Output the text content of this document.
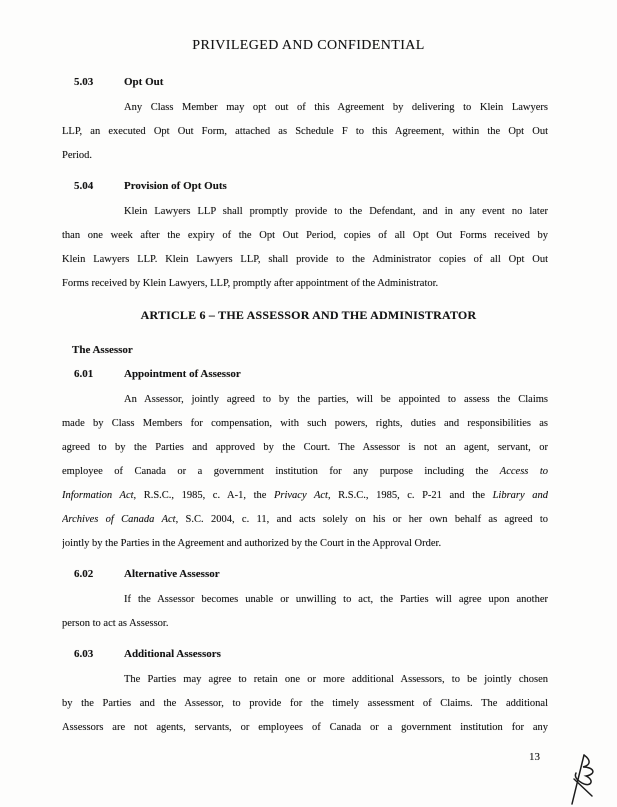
PRIVILEGED AND CONFIDENTIAL
5.03	Opt Out
Any Class Member may opt out of this Agreement by delivering to Klein Lawyers
LLP, an executed Opt Out Form, attached as Schedule F to this Agreement, within the Opt Out
Period.
5.04	Provision of Opt Outs
Klein Lawyers LLP shall promptly provide to the Defendant, and in any event no later
than one week after the expiry of the Opt Out Period, copies of all Opt Out Forms received by
Klein Lawyers LLP. Klein Lawyers LLP, shall provide to the Administrator copies of all Opt Out
Forms received by Klein Lawyers, LLP, promptly after appointment of the Administrator.
ARTICLE 6 – THE ASSESSOR AND THE ADMINISTRATOR
The Assessor
6.01	Appointment of Assessor
An Assessor, jointly agreed to by the parties, will be appointed to assess the Claims
made by Class Members for compensation, with such powers, rights, duties and responsibilities as
agreed to by the Parties and approved by the Court. The Assessor is not an agent, servant, or
employee of Canada or a government institution for any purpose including the Access to
Information Act, R.S.C., 1985, c. A-1, the Privacy Act, R.S.C., 1985, c. P-21 and the Library and
Archives of Canada Act, S.C. 2004, c. 11, and acts solely on his or her own behalf as agreed to
jointly by the Parties in the Agreement and authorized by the Court in the Approval Order.
6.02	Alternative Assessor
If the Assessor becomes unable or unwilling to act, the Parties will agree upon another
person to act as Assessor.
6.03	Additional Assessors
The Parties may agree to retain one or more additional Assessors, to be jointly chosen
by the Parties and the Assessor, to provide for the timely assessment of Claims. The additional
Assessors are not agents, servants, or employees of Canada or a government institution for any
13
